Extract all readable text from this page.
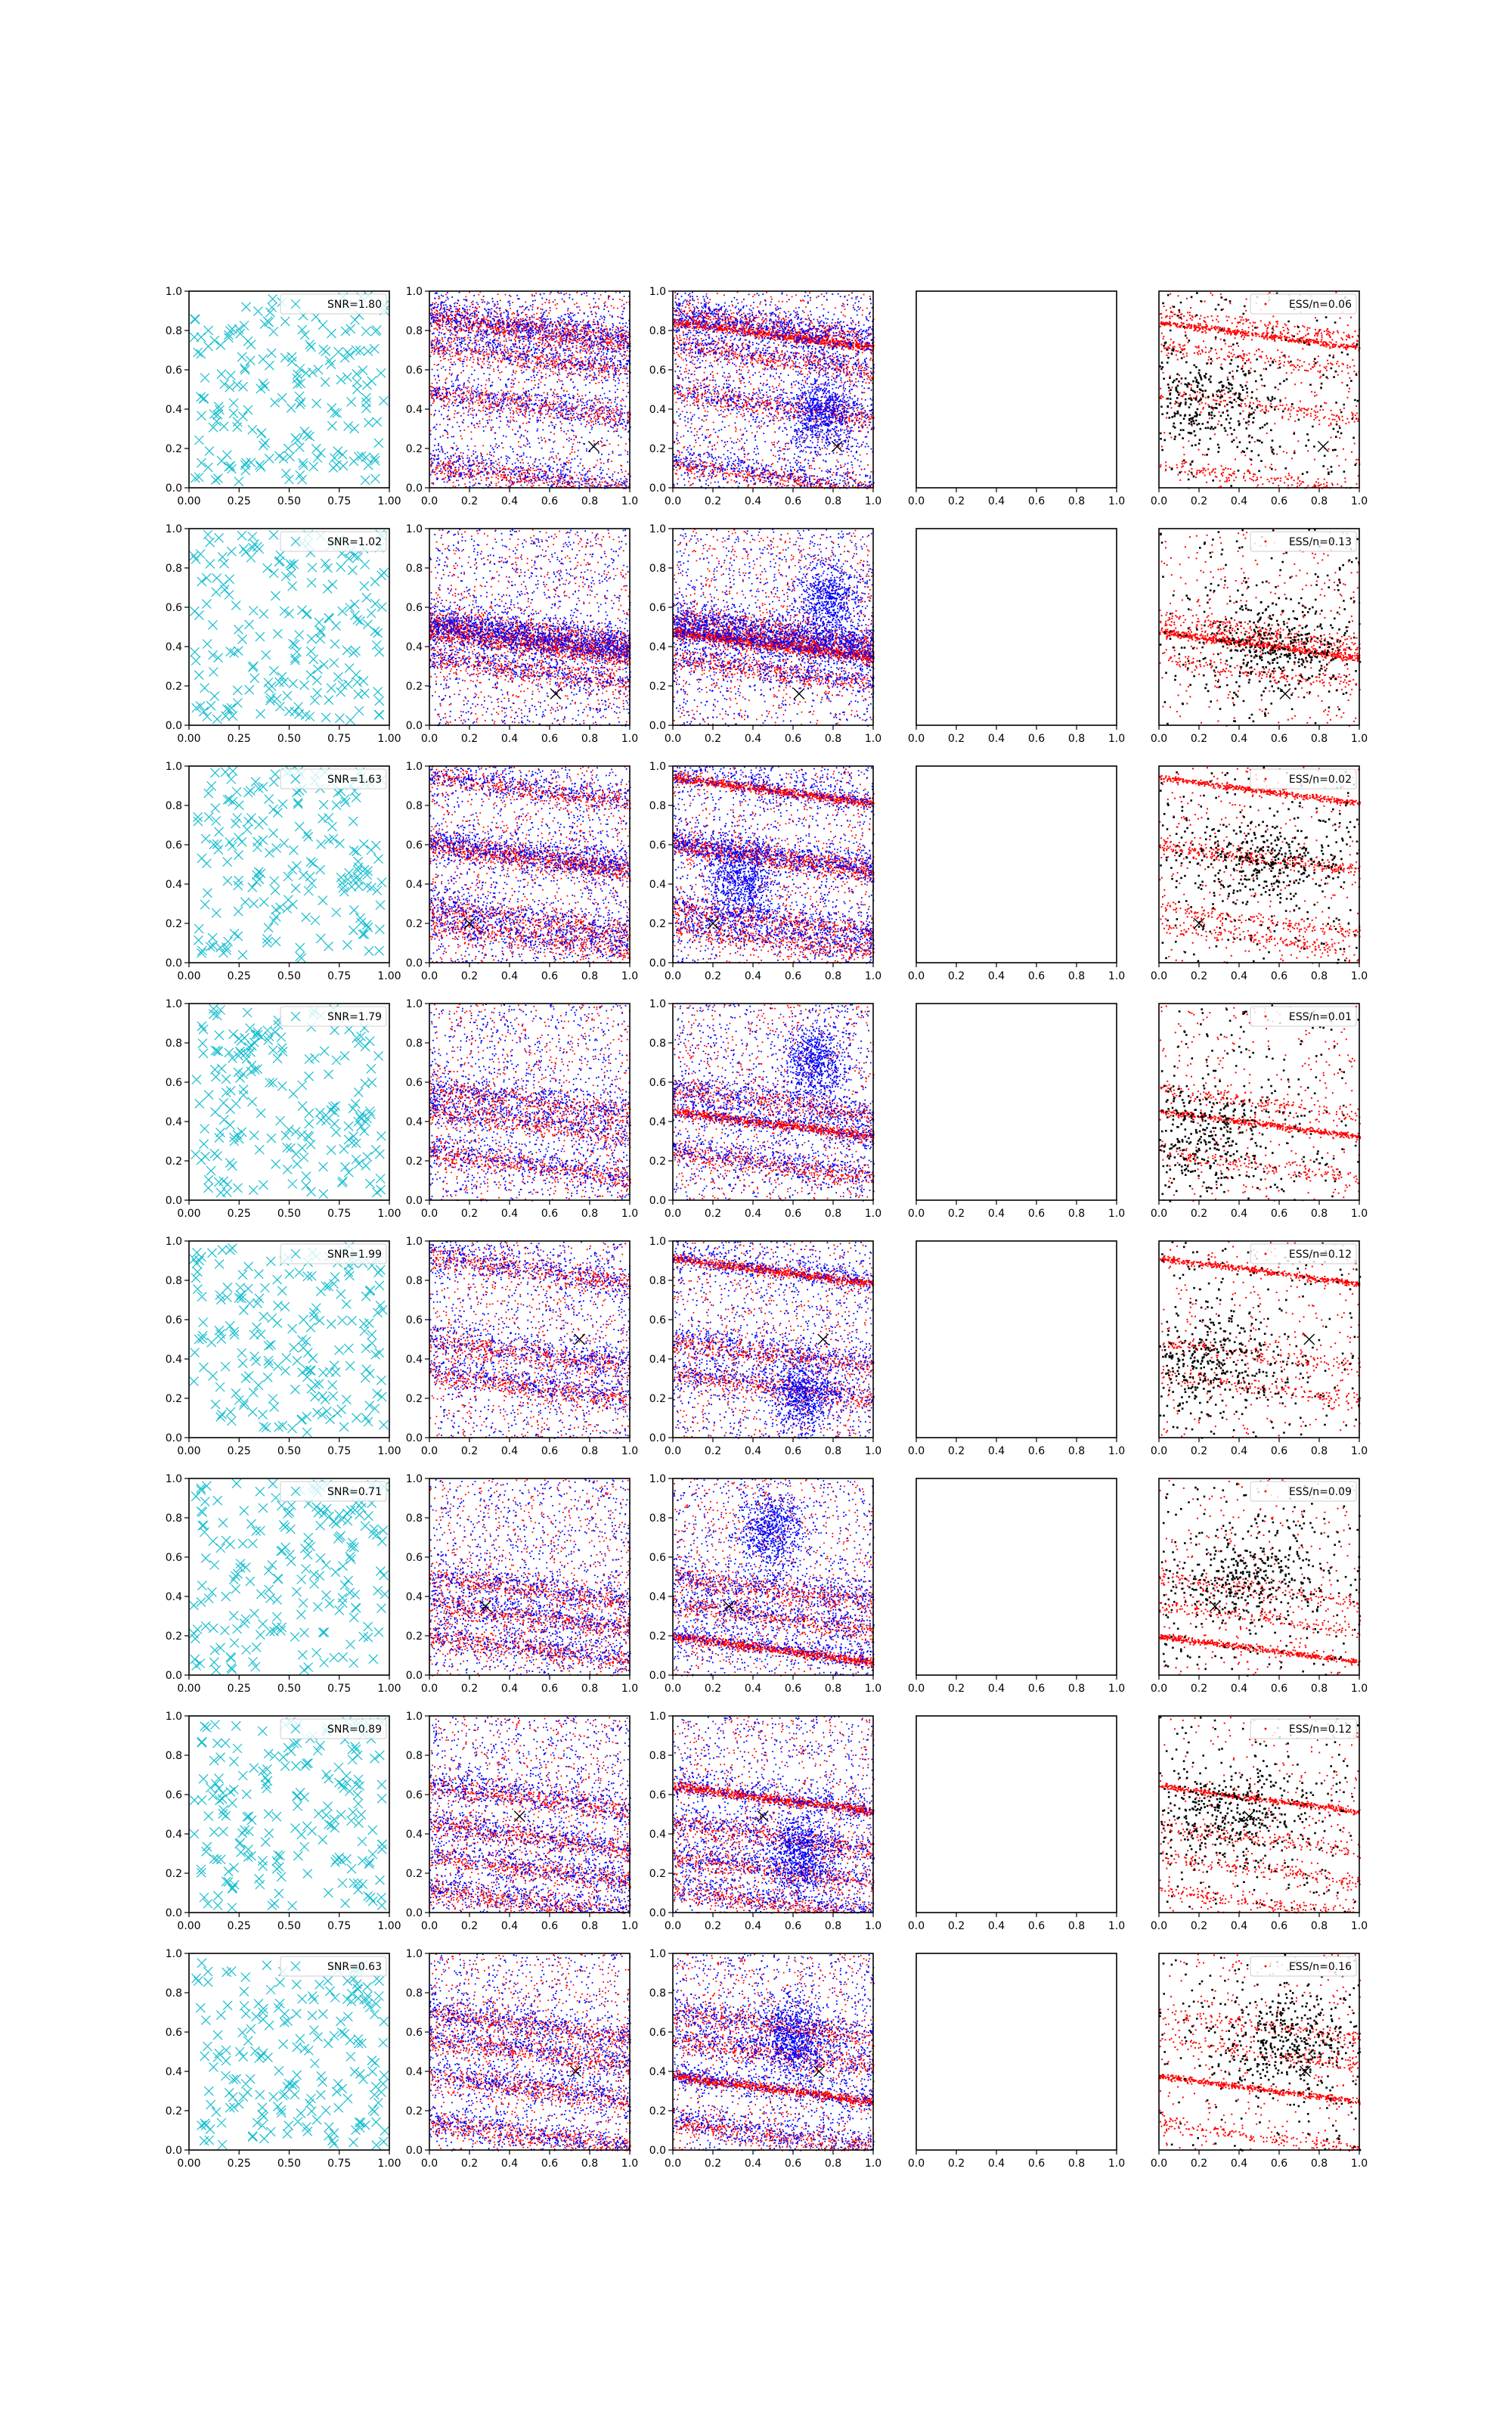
0.00	0.25	0.50	0.75	1.00
0.0
0.2
0.4
0.6
0.8
1.0
SNR=1.80
0.0 0.2 0.4 0.6 0.8 1.0
0.0
0.2
0.4
0.6
0.8
1.0
0.0 0.2 0.4 0.6 0.8 1.0
0.0
0.2
0.4
0.6
0.8
1.0
0.0 0.2 0.4 0.6 0.8 1.0 0.0 0.2 0.4 0.6 0.8 1.0
ESS/n=0.06
0.00	0.25	0.50	0.75	1.00
0.0
0.2
0.4
0.6
0.8
1.0
SNR=1.02
0.0 0.2 0.4 0.6 0.8 1.0
0.0
0.2
0.4
0.6
0.8
1.0
0.0 0.2 0.4 0.6 0.8 1.0
0.0
0.2
0.4
0.6
0.8
1.0
0.0 0.2 0.4 0.6 0.8 1.0 0.0 0.2 0.4 0.6 0.8 1.0
ESS/n=0.13
0.00	0.25	0.50	0.75	1.00
0.0
0.2
0.4
0.6
0.8
1.0
SNR=1.63
0.0 0.2 0.4 0.6 0.8 1.0
0.0
0.2
0.4
0.6
0.8
1.0
0.0 0.2 0.4 0.6 0.8 1.0
0.0
0.2
0.4
0.6
0.8
1.0
0.0 0.2 0.4 0.6 0.8 1.0 0.0 0.2 0.4 0.6 0.8 1.0
ESS/n=0.02
0.00	0.25	0.50	0.75	1.00
0.0
0.2
0.4
0.6
0.8
1.0
SNR=1.79
0.0 0.2 0.4 0.6 0.8 1.0
0.0
0.2
0.4
0.6
0.8
1.0
0.0 0.2 0.4 0.6 0.8 1.0
0.0
0.2
0.4
0.6
0.8
1.0
0.0 0.2 0.4 0.6 0.8 1.0 0.0 0.2 0.4 0.6 0.8 1.0
ESS/n=0.01
0.00	0.25	0.50	0.75	1.00
0.0
0.2
0.4
0.6
0.8
1.0
SNR=1.99
0.0 0.2 0.4 0.6 0.8 1.0
0.0
0.2
0.4
0.6
0.8
1.0
0.0 0.2 0.4 0.6 0.8 1.0
0.0
0.2
0.4
0.6
0.8
1.0
0.0 0.2 0.4 0.6 0.8 1.0 0.0 0.2 0.4 0.6 0.8 1.0
ESS/n=0.12
0.00	0.25	0.50	0.75	1.00
0.0
0.2
0.4
0.6
0.8
1.0
SNR=0.71
0.0 0.2 0.4 0.6 0.8 1.0
0.0
0.2
0.4
0.6
0.8
1.0
0.0 0.2 0.4 0.6 0.8 1.0
0.0
0.2
0.4
0.6
0.8
1.0
0.0 0.2 0.4 0.6 0.8 1.0 0.0 0.2 0.4 0.6 0.8 1.0
ESS/n=0.09
0.00	0.25	0.50	0.75	1.00
0.0
0.2
0.4
0.6
0.8
1.0
SNR=0.89
0.0 0.2 0.4 0.6 0.8 1.0
0.0
0.2
0.4
0.6
0.8
1.0
0.0 0.2 0.4 0.6 0.8 1.0
0.0
0.2
0.4
0.6
0.8
1.0
0.0 0.2 0.4 0.6 0.8 1.0 0.0 0.2 0.4 0.6 0.8 1.0
ESS/n=0.12
0.00	0.25	0.50	0.75	1.00
0.0
0.2
0.4
0.6
0.8
1.0
SNR=0.63
0.0 0.2 0.4 0.6 0.8 1.0
0.0
0.2
0.4
0.6
0.8
1.0
0.0 0.2 0.4 0.6 0.8 1.0
0.0
0.2
0.4
0.6
0.8
1.0
0.0 0.2 0.4 0.6 0.8 1.0 0.0 0.2 0.4 0.6 0.8 1.0
ESS/n=0.16
